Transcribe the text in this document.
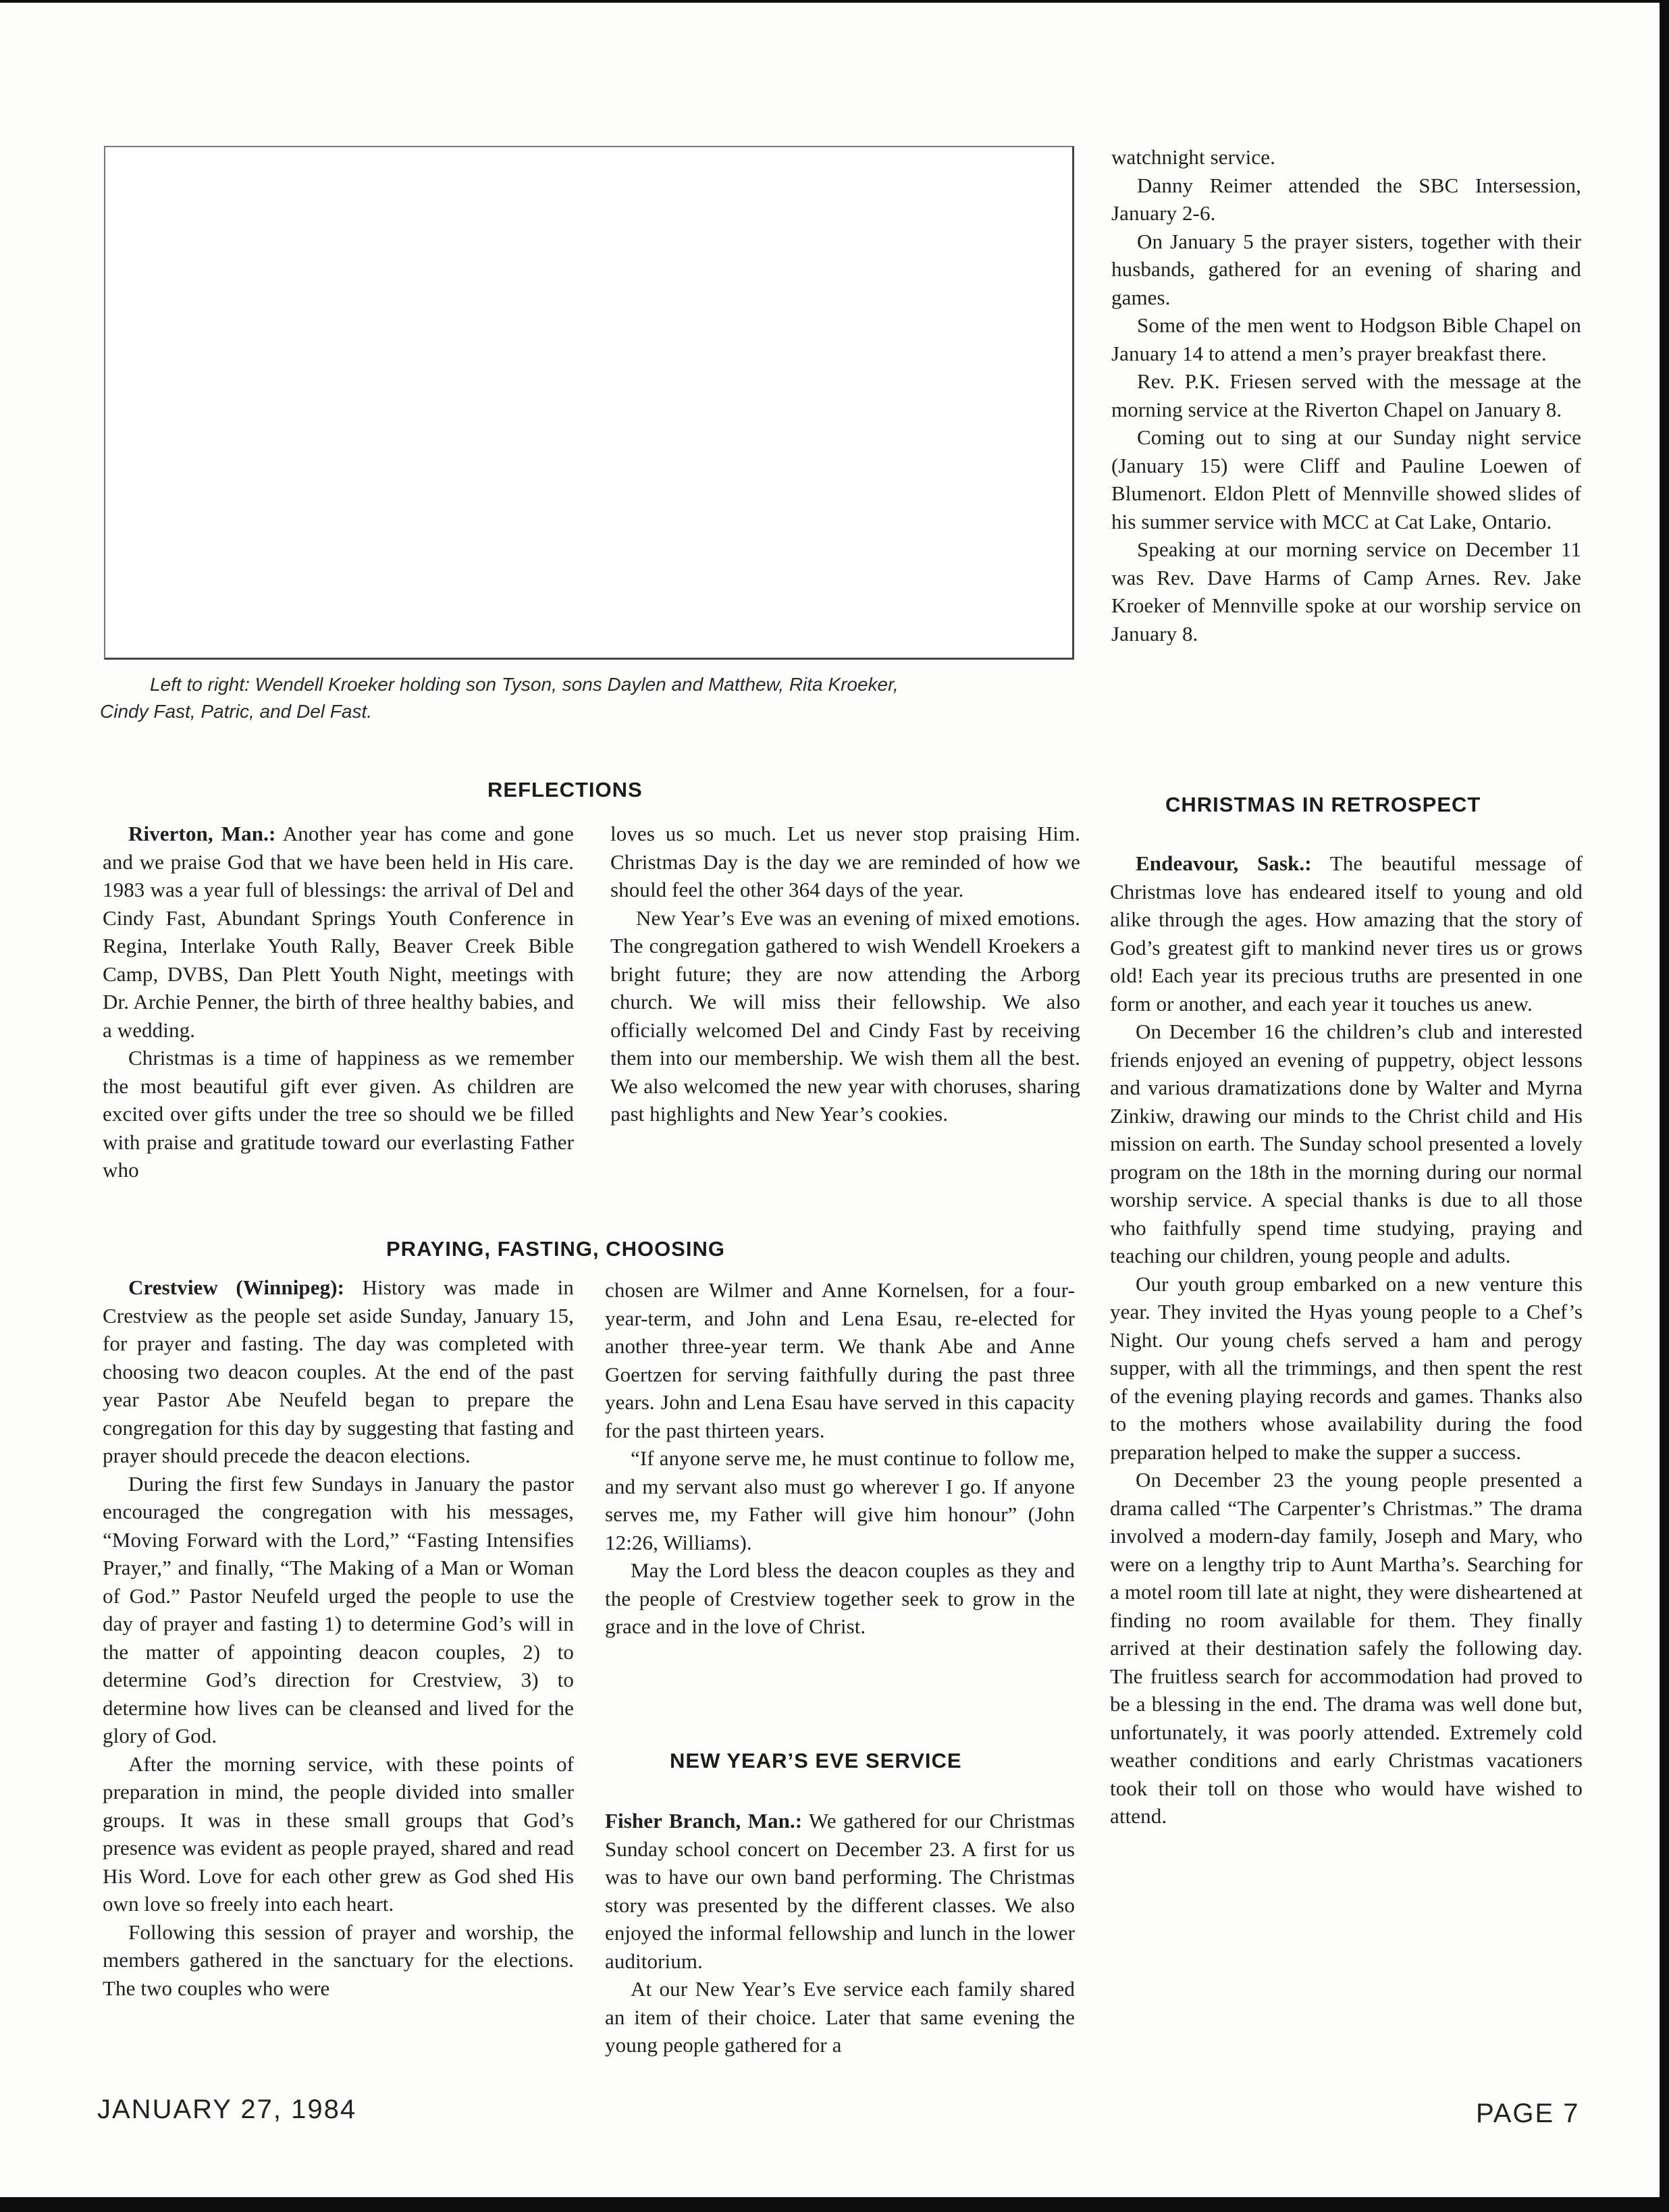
Left to right: Wendell Kroeker holding son Tyson, sons Daylen and Matthew, Rita Kroeker,
Cindy Fast, Patric, and Del Fast.

watchnight service.

Danny Reimer attended the SBC Intersession, January 2-6.

On January 5 the prayer sisters, together with their husbands, gathered for an evening of sharing and games.

Some of the men went to Hodgson Bible Chapel on January 14 to attend a men’s prayer breakfast there.

Rev. P.K. Friesen served with the message at the morning service at the Riverton Chapel on January 8.

Coming out to sing at our Sunday night service (January 15) were Cliff and Pauline Loewen of Blumenort. Eldon Plett of Mennville showed slides of his summer service with MCC at Cat Lake, Ontario.

Speaking at our morning service on December 11 was Rev. Dave Harms of Camp Arnes. Rev. Jake Kroeker of Mennville spoke at our worship service on January 8.

REFLECTIONS

Riverton, Man.: Another year has come and gone and we praise God that we have been held in His care. 1983 was a year full of blessings: the arrival of Del and Cindy Fast, Abundant Springs Youth Conference in Regina, Interlake Youth Rally, Beaver Creek Bible Camp, DVBS, Dan Plett Youth Night, meetings with Dr. Archie Penner, the birth of three healthy babies, and a wedding.

Christmas is a time of happiness as we remember the most beautiful gift ever given. As children are excited over gifts under the tree so should we be filled with praise and gratitude toward our everlasting Father who

loves us so much. Let us never stop praising Him. Christmas Day is the day we are reminded of how we should feel the other 364 days of the year.

New Year’s Eve was an evening of mixed emotions. The congregation gathered to wish Wendell Kroekers a bright future; they are now attending the Arborg church. We will miss their fellowship. We also officially welcomed Del and Cindy Fast by receiving them into our membership. We wish them all the best. We also welcomed the new year with choruses, sharing past highlights and New Year’s cookies.

PRAYING, FASTING, CHOOSING

Crestview (Winnipeg): History was made in Crestview as the people set aside Sunday, January 15, for prayer and fasting. The day was completed with choosing two deacon couples. At the end of the past year Pastor Abe Neufeld began to prepare the congregation for this day by suggesting that fasting and prayer should precede the deacon elections.

During the first few Sundays in January the pastor encouraged the congregation with his messages, “Moving Forward with the Lord,” “Fasting Intensifies Prayer,” and finally, “The Making of a Man or Woman of God.” Pastor Neufeld urged the people to use the day of prayer and fasting 1) to determine God’s will in the matter of appointing deacon couples, 2) to determine God’s direction for Crestview, 3) to determine how lives can be cleansed and lived for the glory of God.

After the morning service, with these points of preparation in mind, the people divided into smaller groups. It was in these small groups that God’s presence was evident as people prayed, shared and read His Word. Love for each other grew as God shed His own love so freely into each heart.

Following this session of prayer and worship, the members gathered in the sanctuary for the elections. The two couples who were

chosen are Wilmer and Anne Kornelsen, for a four-year-term, and John and Lena Esau, re-elected for another three-year term. We thank Abe and Anne Goertzen for serving faithfully during the past three years. John and Lena Esau have served in this capacity for the past thirteen years.

“If anyone serve me, he must continue to follow me, and my servant also must go wherever I go. If anyone serves me, my Father will give him honour” (John 12:26, Williams).

May the Lord bless the deacon couples as they and the people of Crestview together seek to grow in the grace and in the love of Christ.

NEW YEAR’S EVE SERVICE

Fisher Branch, Man.: We gathered for our Christmas Sunday school concert on December 23. A first for us was to have our own band performing. The Christmas story was presented by the different classes. We also enjoyed the informal fellowship and lunch in the lower auditorium.

At our New Year’s Eve service each family shared an item of their choice. Later that same evening the young people gathered for a

CHRISTMAS IN RETROSPECT

Endeavour, Sask.: The beautiful message of Christmas love has endeared itself to young and old alike through the ages. How amazing that the story of God’s greatest gift to mankind never tires us or grows old! Each year its precious truths are presented in one form or another, and each year it touches us anew.

On December 16 the children’s club and interested friends enjoyed an evening of puppetry, object lessons and various dramatizations done by Walter and Myrna Zinkiw, drawing our minds to the Christ child and His mission on earth. The Sunday school presented a lovely program on the 18th in the morning during our normal worship service. A special thanks is due to all those who faithfully spend time studying, praying and teaching our children, young people and adults.

Our youth group embarked on a new venture this year. They invited the Hyas young people to a Chef’s Night. Our young chefs served a ham and perogy supper, with all the trimmings, and then spent the rest of the evening playing records and games. Thanks also to the mothers whose availability during the food preparation helped to make the supper a success.

On December 23 the young people presented a drama called “The Carpenter’s Christmas.” The drama involved a modern-day family, Joseph and Mary, who were on a lengthy trip to Aunt Martha’s. Searching for a motel room till late at night, they were disheartened at finding no room available for them. They finally arrived at their destination safely the following day. The fruitless search for accommodation had proved to be a blessing in the end. The drama was well done but, unfortunately, it was poorly attended. Extremely cold weather conditions and early Christmas vacationers took their toll on those who would have wished to attend.

JANUARY 27, 1984	PAGE 7
